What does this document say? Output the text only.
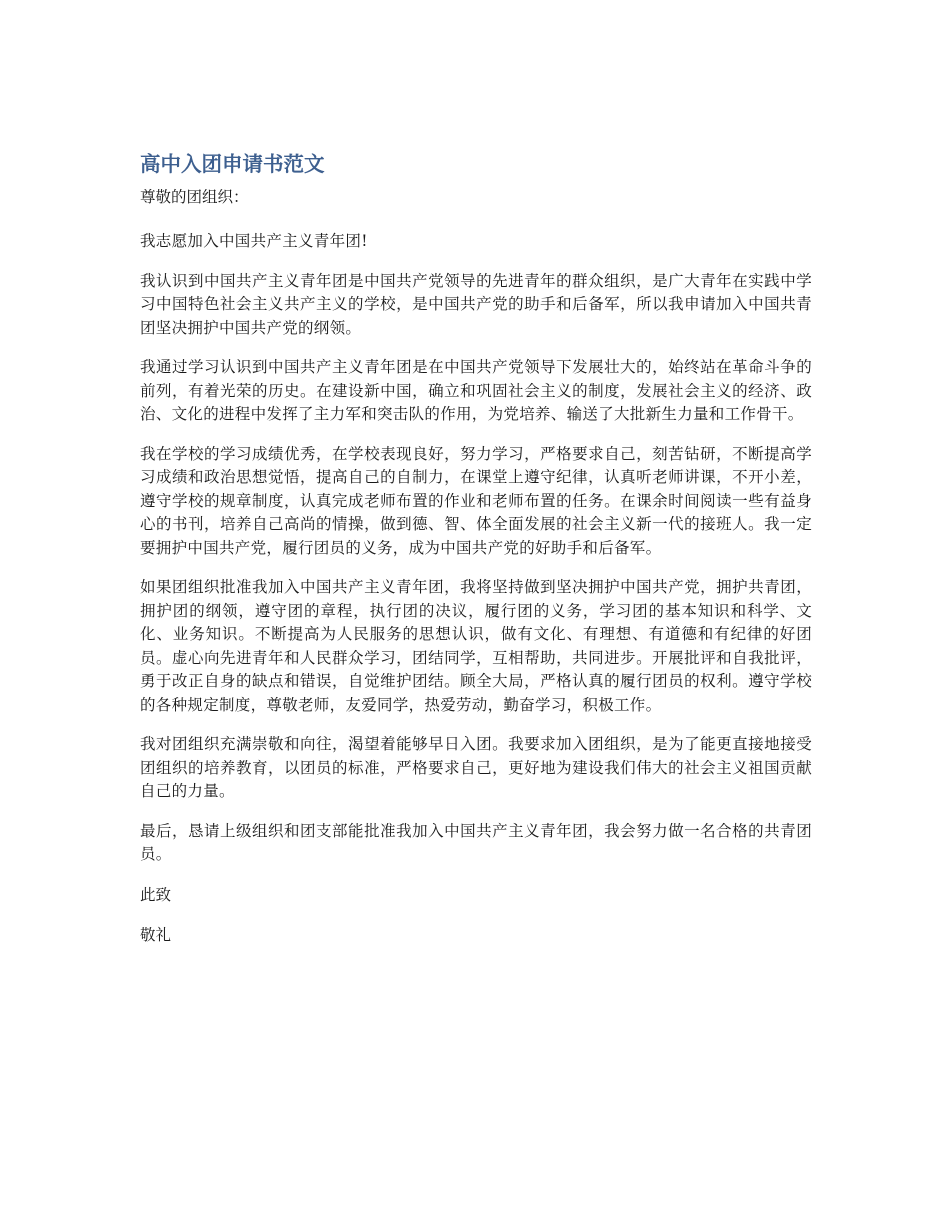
高中入团申请书范文

尊敬的团组织：

我志愿加入中国共产主义青年团!

我认识到中国共产主义青年团是中国共产党领导的先进青年的群众组织，是广大青年在实践中学习中国特色社会主义共产主义的学校，是中国共产党的助手和后备军，所以我申请加入中国共青团坚决拥护中国共产党的纲领。

我通过学习认识到中国共产主义青年团是在中国共产党领导下发展壮大的，始终站在革命斗争的前列，有着光荣的历史。在建设新中国，确立和巩固社会主义的制度，发展社会主义的经济、政治、文化的进程中发挥了主力军和突击队的作用，为党培养、输送了大批新生力量和工作骨干。

我在学校的学习成绩优秀，在学校表现良好，努力学习，严格要求自己，刻苦钻研，不断提高学习成绩和政治思想觉悟，提高自己的自制力，在课堂上遵守纪律，认真听老师讲课，不开小差，遵守学校的规章制度，认真完成老师布置的作业和老师布置的任务。在课余时间阅读一些有益身心的书刊，培养自己高尚的情操，做到德、智、体全面发展的社会主义新一代的接班人。我一定要拥护中国共产党，履行团员的义务，成为中国共产党的好助手和后备军。

如果团组织批准我加入中国共产主义青年团，我将坚持做到坚决拥护中国共产党，拥护共青团，拥护团的纲领，遵守团的章程，执行团的决议，履行团的义务，学习团的基本知识和科学、文化、业务知识。不断提高为人民服务的思想认识，做有文化、有理想、有道德和有纪律的好团员。虚心向先进青年和人民群众学习，团结同学，互相帮助，共同进步。开展批评和自我批评，勇于改正自身的缺点和错误，自觉维护团结。顾全大局，严格认真的履行团员的权利。遵守学校的各种规定制度，尊敬老师，友爱同学，热爱劳动，勤奋学习，积极工作。

我对团组织充满崇敬和向往，渴望着能够早日入团。我要求加入团组织，是为了能更直接地接受团组织的培养教育，以团员的标准，严格要求自己，更好地为建设我们伟大的社会主义祖国贡献自己的力量。

最后，恳请上级组织和团支部能批准我加入中国共产主义青年团，我会努力做一名合格的共青团员。

此致

敬礼
